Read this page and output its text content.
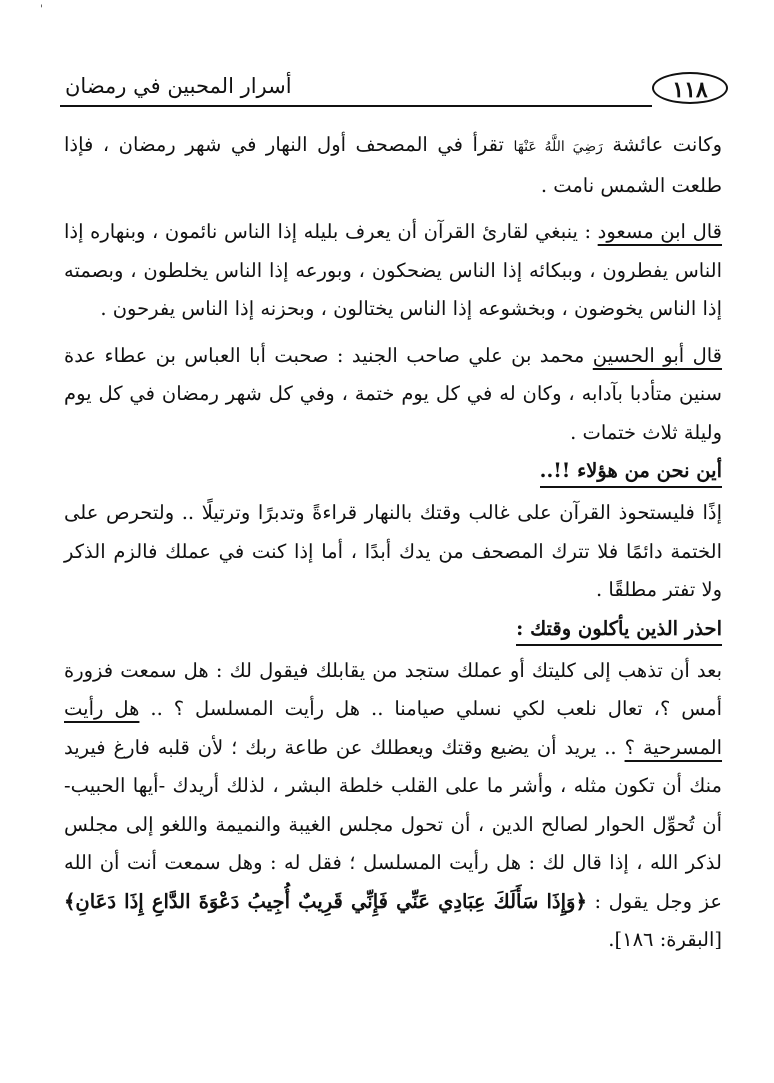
'
أسرار المحبين في رمضان	١١٨

وكانت عائشة رَضِيَ اللَّهُ عَنْهَا تقرأ في المصحف أول النهار في شهر رمضان ، فإذا طلعت الشمس نامت .

قال ابن مسعود : ينبغي لقارئ القرآن أن يعرف بليله إذا الناس نائمون ، وبنهاره إذا الناس يفطرون ، وببكائه إذا الناس يضحكون ، وبورعه إذا الناس يخلطون ، وبصمته إذا الناس يخوضون ، وبخشوعه إذا الناس يختالون ، وبحزنه إذا الناس يفرحون .

قال أبو الحسين محمد بن علي صاحب الجنيد : صحبت أبا العباس بن عطاء عدة سنين متأدبا بآدابه ، وكان له في كل يوم ختمة ، وفي كل شهر رمضان في كل يوم وليلة ثلاث ختمات .

أين نحن من هؤلاء !!..

إذًا فليستحوذ القرآن على غالب وقتك بالنهار قراءةً وتدبرًا وترتيلًا .. ولتحرص على الختمة دائمًا فلا تترك المصحف من يدك أبدًا ، أما إذا كنت في عملك فالزم الذكر ولا تفتر مطلقًا .

احذر الذين يأكلون وقتك :

بعد أن تذهب إلى كليتك أو عملك ستجد من يقابلك فيقول لك : هل سمعت فزورة أمس ؟، تعال نلعب لكي نسلي صيامنا .. هل رأيت المسلسل ؟ .. هل رأيت المسرحية ؟ .. يريد أن يضيع وقتك ويعطلك عن طاعة ربك ؛ لأن قلبه فارغ فيريد منك أن تكون مثله ، وأشر ما على القلب خلطة البشر ، لذلك أريدك -أيها الحبيب- أن تُحوِّل الحوار لصالح الدين ، أن تحول مجلس الغيبة والنميمة واللغو إلى مجلس لذكر الله ، إذا قال لك : هل رأيت المسلسل ؛ فقل له : وهل سمعت أنت أن الله عز وجل يقول : ﴿وَإِذَا سَأَلَكَ عِبَادِي عَنِّي فَإِنِّي قَرِيبٌ أُجِيبُ دَعْوَةَ الدَّاعِ إِذَا دَعَانِ﴾ [البقرة: ١٨٦].
